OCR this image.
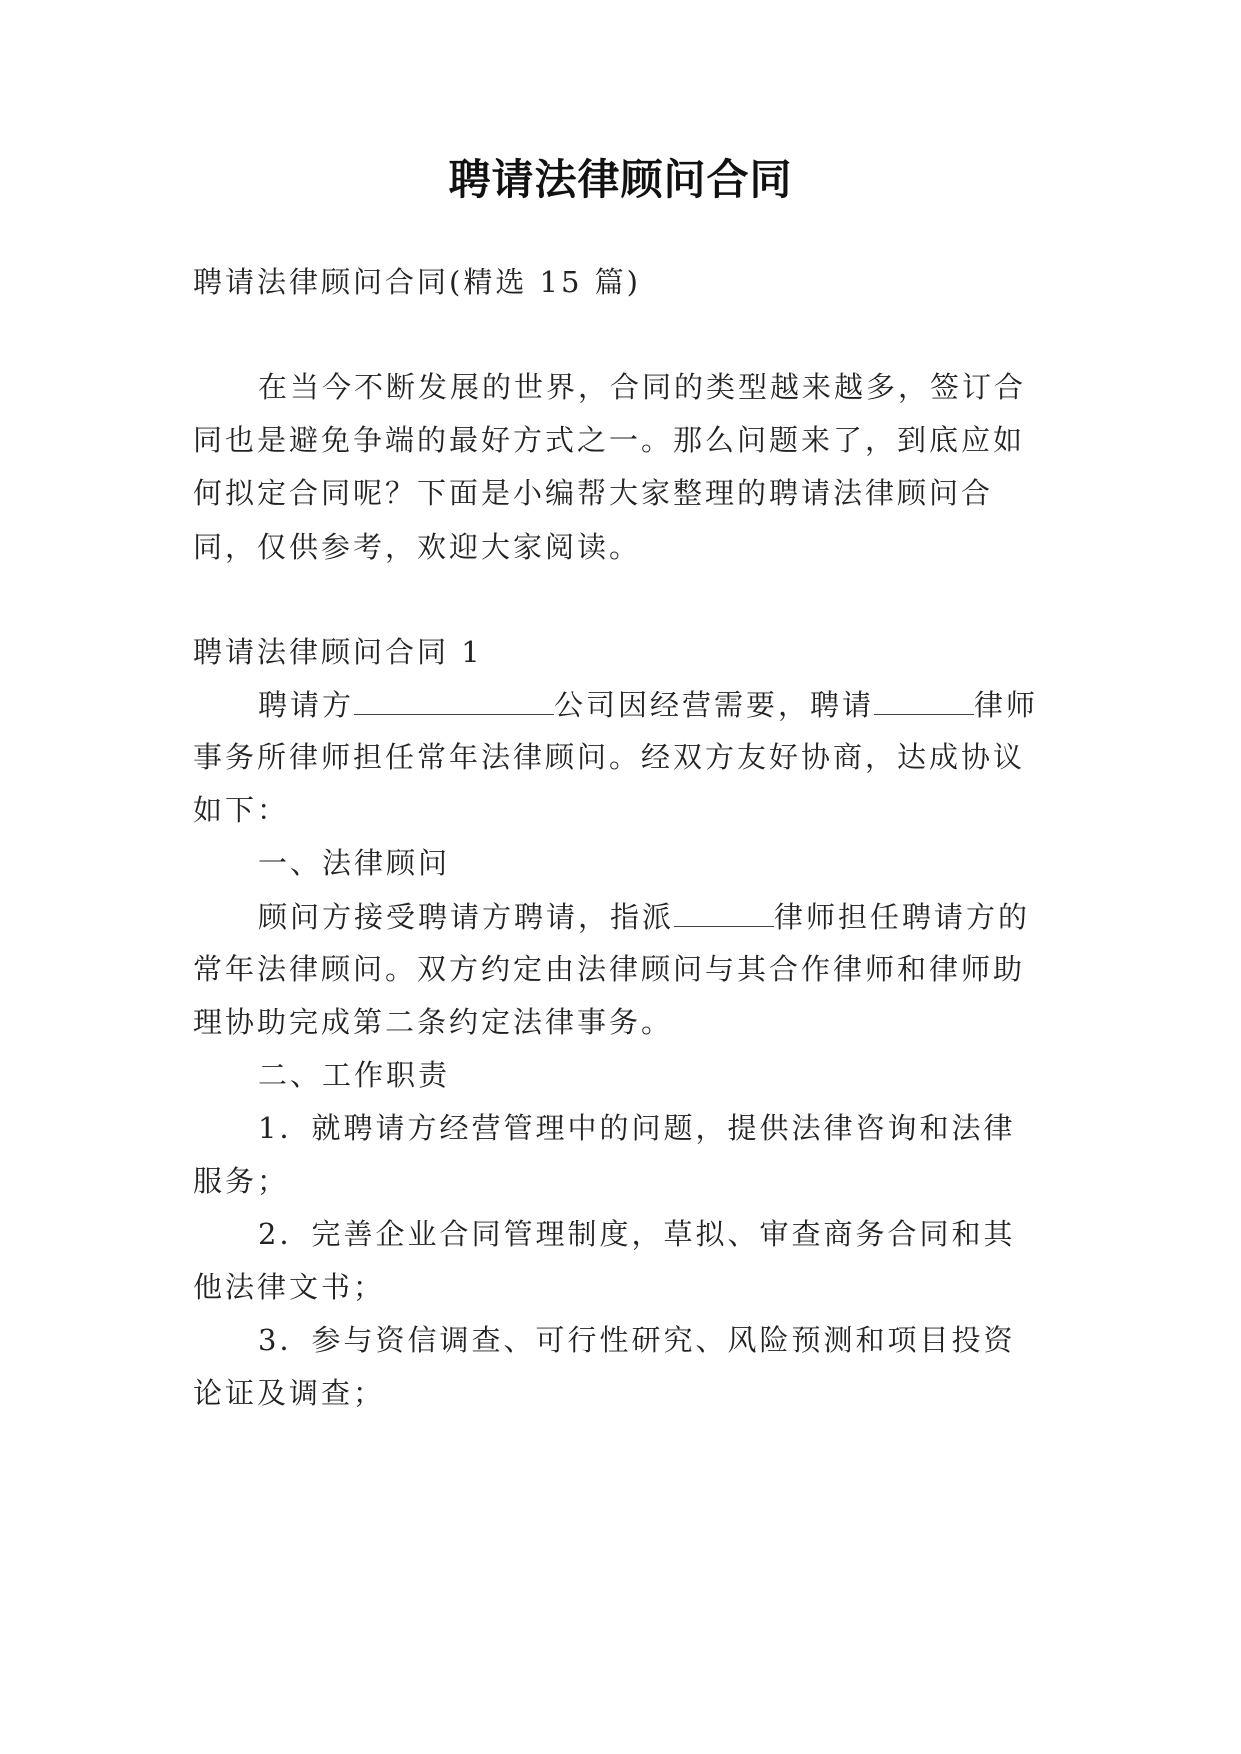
聘请法律顾问合同
聘请法律顾问合同(精选 15 篇)
在当今不断发展的世界，合同的类型越来越多，签订合
同也是避免争端的最好方式之一。那么问题来了，到底应如
何拟定合同呢？下面是小编帮大家整理的聘请法律顾问合
同，仅供参考，欢迎大家阅读。
聘请法律顾问合同 1
聘请方	公司因经营需要，聘请	律师
事务所律师担任常年法律顾问。经双方友好协商，达成协议
如下：
一、法律顾问
顾问方接受聘请方聘请，指派	律师担任聘请方的
常年法律顾问。双方约定由法律顾问与其合作律师和律师助
理协助完成第二条约定法律事务。
二、工作职责
1．就聘请方经营管理中的问题，提供法律咨询和法律
服务；
2．完善企业合同管理制度，草拟、审查商务合同和其
他法律文书；
3．参与资信调查、可行性研究、风险预测和项目投资
论证及调查；
